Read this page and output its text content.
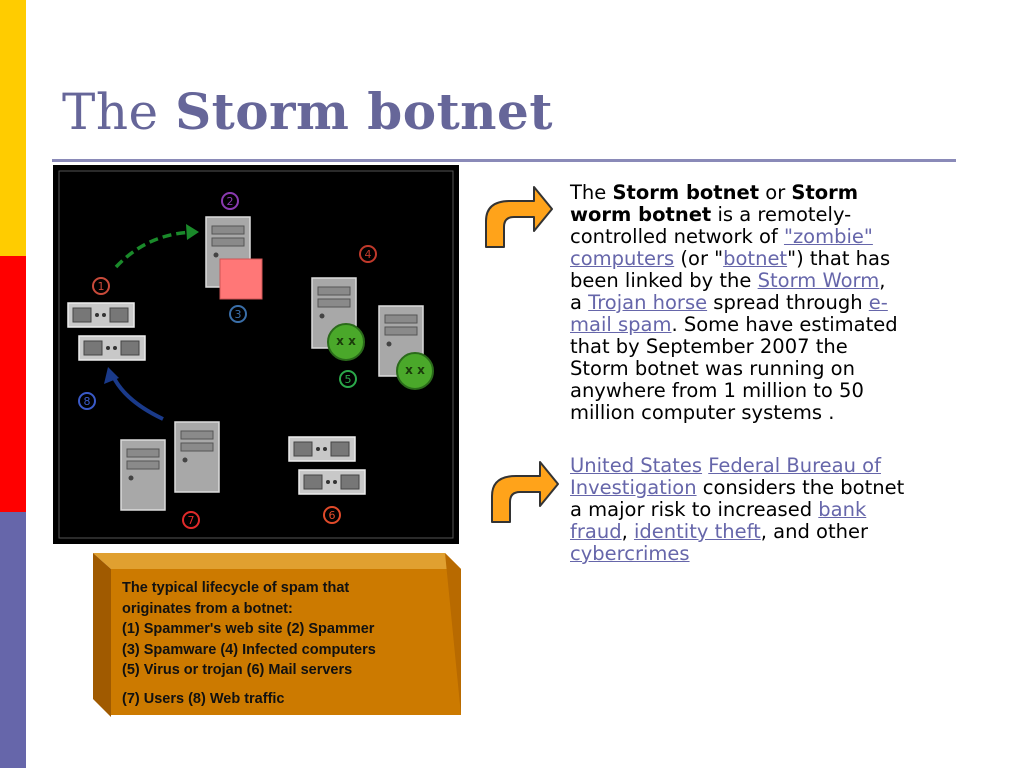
The Storm botnet
x x
x x
1
2
3
4
5
6
7
8
The typical lifecycle of spam that
originates from a botnet:
(1) Spammer's web site (2) Spammer
(3) Spamware (4) Infected computers
(5) Virus or trojan (6) Mail servers
(7) Users (8) Web traffic
The Storm botnet or Storm
worm botnet is a remotely-
controlled network of "zombie"
computers (or "botnet") that has
been linked by the Storm Worm,
a Trojan horse spread through e-
mail spam. Some have estimated
that by September 2007 the
Storm botnet was running on
anywhere from 1 million to 50
million computer systems .
United States Federal Bureau of
Investigation considers the botnet
a major risk to increased bank
fraud, identity theft, and other
cybercrimes
